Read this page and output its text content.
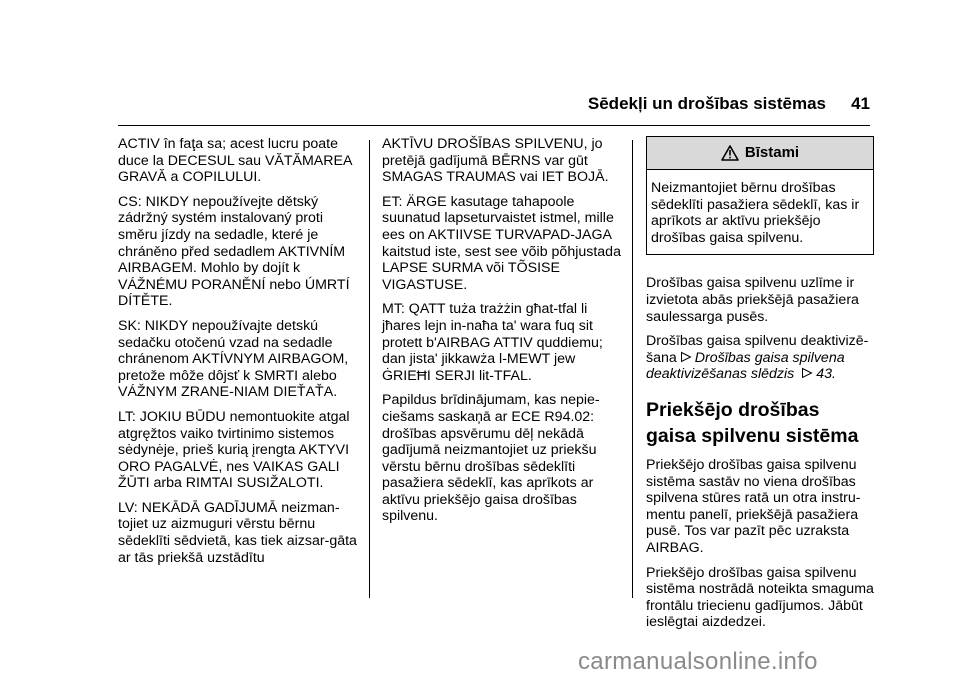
Sēdekļi un drošības sistēmas 41

ACTIV în faţa sa; acest lucru poate duce la DECESUL sau VĂTĂMAREA GRAVĂ a COPILULUI.

CS: NIKDY nepoužívejte dětský zádržný systém instalovaný proti směru jízdy na sedadle, které je chráněno před sedadlem AKTIVNÍM AIRBAGEM. Mohlo by dojít k VÁŽNÉMU PORANĚNÍ nebo ÚMRTÍ DÍTĚTE.

SK: NIKDY nepoužívajte detskú sedačku otočenú vzad na sedadle chránenom AKTÍVNYM AIRBAGOM, pretože môže dôjsť k SMRTI alebo VÁŽNYM ZRANE-NIAM DIEŤAŤA.

LT: JOKIU BŪDU nemontuokite atgal atgręžtos vaiko tvirtinimo sistemos sėdynėje, prieš kurią įrengta AKTYVI ORO PAGALVĖ, nes VAIKAS GALI ŽŪTI arba RIMTAI SUSIŽALOTI.

LV: NEKĀDĀ GADĪJUMĀ neizman-tojiet uz aizmuguri vērstu bērnu sēdeklīti sēdvietā, kas tiek aizsar-gāta ar tās priekšā uzstādītu

AKTĪVU DROŠĪBAS SPILVENU, jo pretējā gadījumā BĒRNS var gūt SMAGAS TRAUMAS vai IET BOJĀ.

ET: ÄRGE kasutage tahapoole suunatud lapseturvaistet istmel, mille ees on AKTIIVSE TURVAPAD-JAGA kaitstud iste, sest see võib põhjustada LAPSE SURMA või TÕSISE VIGASTUSE.

MT: QATT tuża trażżin għat-tfal li jħares lejn in-naħa ta' wara fuq sit protett b'AIRBAG ATTIV quddiemu; dan jista' jikkawża l-MEWT jew ĠRIEĦI SERJI lit-TFAL.

Papildus brīdinājumam, kas nepie-ciešams saskaņā ar ECE R94.02: drošības apsvērumu dēļ nekādā gadījumā neizmantojiet uz priekšu vērstu bērnu drošības sēdeklīti pasažiera sēdeklī, kas aprīkots ar aktīvu priekšējo gaisa drošības spilvenu.

Bīstami
Neizmantojiet bērnu drošības sēdeklīti pasažiera sēdeklī, kas ir aprīkots ar aktīvu priekšējo drošības gaisa spilvenu.

Drošības gaisa spilvenu uzlīme ir izvietota abās priekšējā pasažiera saulessarga pusēs.

Drošības gaisa spilvenu deaktivizē-šana Drošības gaisa spilvena deaktivizēšanas slēdzis 43.

Priekšējo drošības gaisa spilvenu sistēma

Priekšējo drošības gaisa spilvenu sistēma sastāv no viena drošības spilvena stūres ratā un otra instru-mentu panelī, priekšējā pasažiera pusē. Tos var pazīt pēc uzraksta AIRBAG.

Priekšējo drošības gaisa spilvenu sistēma nostrādā noteikta smaguma frontālu triecienu gadījumos. Jābūt ieslēgtai aizdedzei.

carmanualsonline.info
